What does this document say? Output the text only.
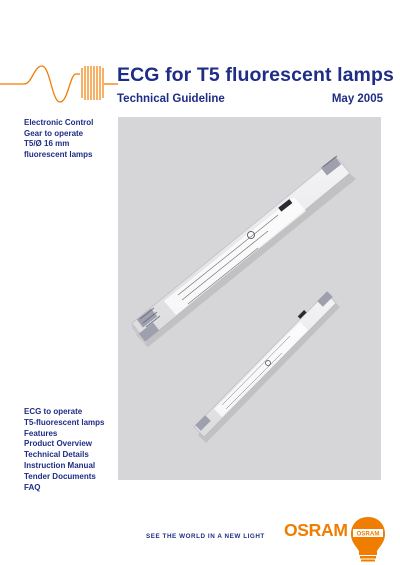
ECG for T5 fluorescent lamps
Technical Guideline	May 2005
Electronic Control
Gear to operate
T5/Ø 16 mm
fluorescent lamps
ECG to operate
T5-fluorescent lamps
Features
Product Overview
Technical Details
Instruction Manual
Tender Documents
FAQ
SEE THE WORLD IN A NEW LIGHT OSRAM OSRAM
